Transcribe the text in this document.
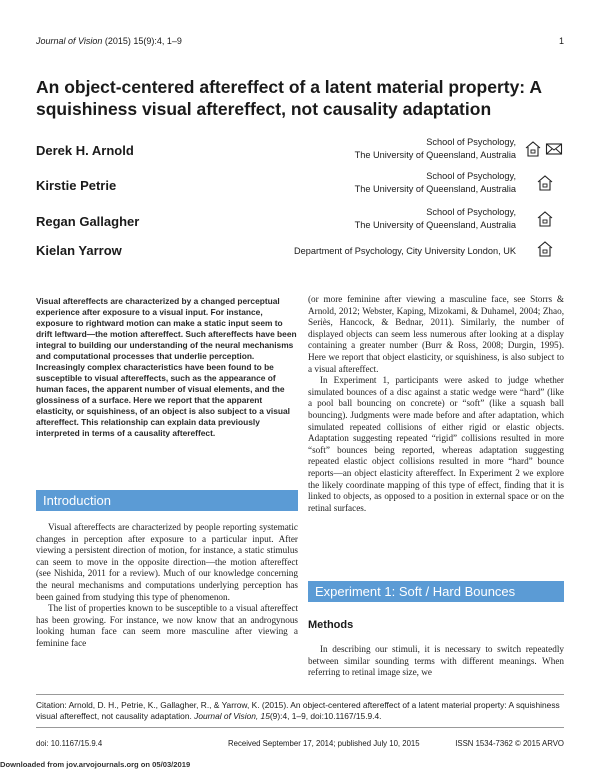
Journal of Vision (2015) 15(9):4, 1–9	1
An object-centered aftereffect of a latent material property: A squishiness visual aftereffect, not causality adaptation
Derek H. Arnold
School of Psychology,
The University of Queensland, Australia
Kirstie Petrie
School of Psychology,
The University of Queensland, Australia
Regan Gallagher
School of Psychology,
The University of Queensland, Australia
Kielan Yarrow	Department of Psychology, City University London, UK
Visual aftereffects are characterized by a changed perceptual experience after exposure to a visual input. For instance, exposure to rightward motion can make a static input seem to drift leftward—the motion aftereffect. Such aftereffects have been integral to building our understanding of the neural mechanisms and computational processes that underlie perception. Increasingly complex characteristics have been found to be susceptible to visual aftereffects, such as the appearance of human faces, the apparent number of visual elements, and the glossiness of a surface. Here we report that the apparent elasticity, or squishiness, of an object is also subject to a visual aftereffect. This relationship can explain data previously interpreted in terms of a causality aftereffect.
Introduction

Visual aftereffects are characterized by people reporting systematic changes in perception after exposure to a particular input. After viewing a persistent direction of motion, for instance, a static stimulus can seem to move in the opposite direction—the motion aftereffect (see Nishida, 2011 for a review). Much of our knowledge concerning the neural mechanisms and computations underlying perception has been gained from studying this type of phenomenon.

The list of properties known to be susceptible to a visual aftereffect has been growing. For instance, we now know that an androgynous looking human face can seem more masculine after viewing a feminine face

(or more feminine after viewing a masculine face, see Storrs & Arnold, 2012; Webster, Kaping, Mizokami, & Duhamel, 2004; Zhao, Seriès, Hancock, & Bednar, 2011). Similarly, the number of displayed objects can seem less numerous after looking at a display containing a greater number (Burr & Ross, 2008; Durgin, 1995). Here we report that object elasticity, or squishiness, is also subject to a visual aftereffect.

In Experiment 1, participants were asked to judge whether simulated bounces of a disc against a static wedge were “hard” (like a pool ball bouncing on concrete) or “soft” (like a squash ball bouncing). Judgments were made before and after adaptation, which simulated repeated collisions of either rigid or elastic objects. Adaptation suggesting repeated “rigid” collisions resulted in more “soft” bounces being reported, whereas adaptation suggesting repeated elastic object collisions resulted in more “hard” bounce reports—an object elasticity aftereffect. In Experiment 2 we explore the likely coordinate mapping of this type of effect, finding that it is linked to objects, as opposed to a position in external space or on the retinal surfaces.

Experiment 1: Soft / Hard Bounces
Methods

In describing our stimuli, it is necessary to switch repeatedly between similar sounding terms with different meanings. When referring to retinal image size, we

Citation: Arnold, D. H., Petrie, K., Gallagher, R., & Yarrow, K. (2015). An object-centered aftereffect of a latent material property: A squishiness visual aftereffect, not causality adaptation. Journal of Vision, 15(9):4, 1–9, doi:10.1167/15.9.4.
doi: 10.1167/15.9.4	Received September 17, 2014; published July 10, 2015	ISSN 1534-7362 © 2015 ARVO
Downloaded from jov.arvojournals.org on 05/03/2019
